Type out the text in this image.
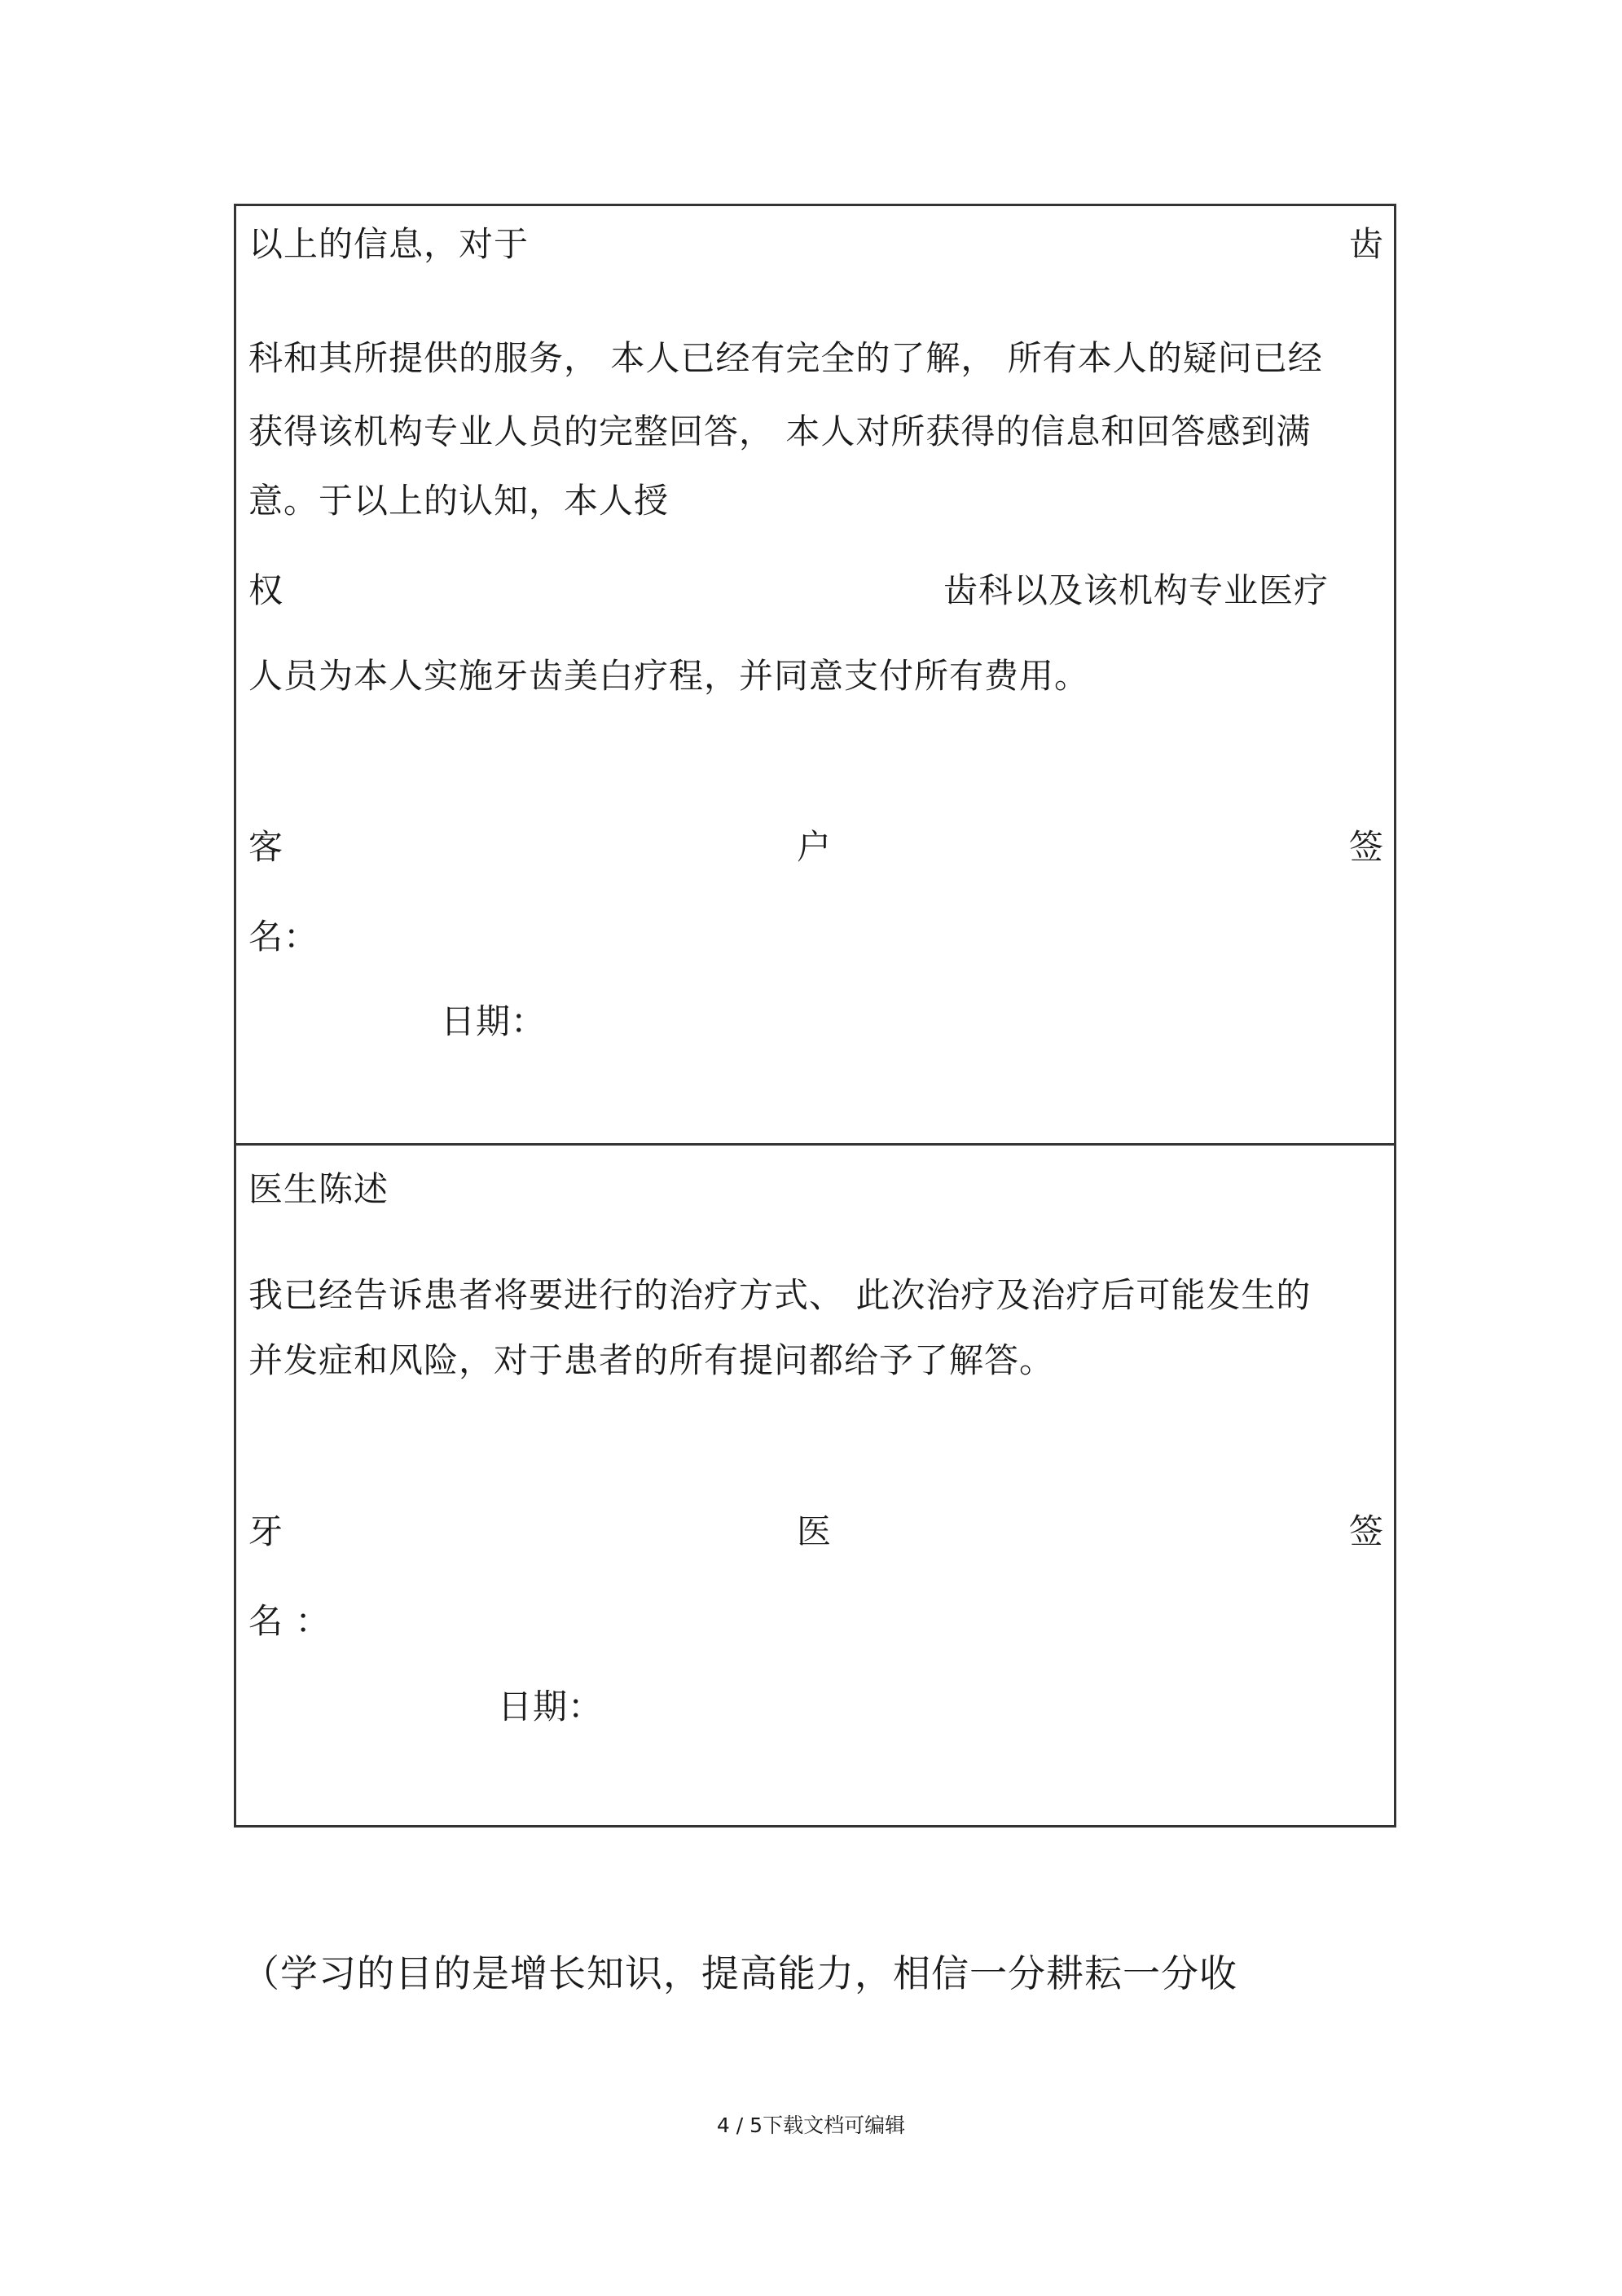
以上的信息，对于	齿
科和其所提供的服务， 本人已经有完全的了解， 所有本人的疑问已经
获得该机构专业人员的完整回答， 本人对所获得的信息和回答感到满
意。于以上的认知，本人授
权	齿科以及该机构专业医疗
人员为本人实施牙齿美白疗程，并同意支付所有费用。
客	户	签
名：
日期：
医生陈述
我已经告诉患者将要进行的治疗方式、 此次治疗及治疗后可能发生的
并发症和风险，对于患者的所有提问都给予了解答。
牙	医	签
名 ：
日期：
（学习的目的是增长知识，提高能力，相信一分耕耘一分收
4 / 5下载文档可编辑
